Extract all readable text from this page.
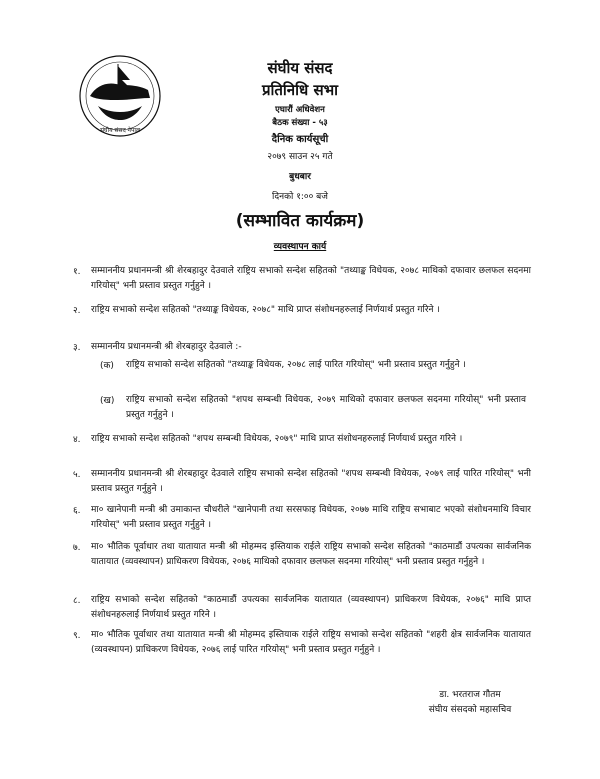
संघीय संसद नेपाल
संघीय संसद
प्रतिनिधि सभा
एघारौं अधिवेशन
बैठक संख्या - ५३
दैनिक कार्यसूची
२०७९ साउन २५ गते
बुधबार
दिनको १:०० बजे
(सम्भावित कार्यक्रम)
व्यवस्थापन कार्य
१. सम्माननीय प्रधानमन्त्री श्री शेरबहादुर देउवाले राष्ट्रिय सभाको सन्देश सहितको "तथ्याङ्क विधेयक, २०७८ माथिको दफावार छलफल सदनमा गरियोस्" भनी प्रस्ताव प्रस्तुत गर्नुहुने ।
२. राष्ट्रिय सभाको सन्देश सहितको "तथ्याङ्क विधेयक, २०७८" माथि प्राप्त संशोधनहरुलाई निर्णयार्थ प्रस्तुत गरिने ।
३. सम्माननीय प्रधानमन्त्री श्री शेरबहादुर देउवाले :-
(क) राष्ट्रिय सभाको सन्देश सहितको "तथ्याङ्क विधेयक, २०७८ लाई पारित गरियोस्" भनी प्रस्ताव प्रस्तुत गर्नुहुने ।
(ख) राष्ट्रिय सभाको सन्देश सहितको "शपथ सम्बन्धी विधेयक, २०७९ माथिको दफावार छलफल सदनमा गरियोस्" भनी प्रस्ताव प्रस्तुत गर्नुहुने ।
४. राष्ट्रिय सभाको सन्देश सहितको "शपथ सम्बन्धी विधेयक, २०७९" माथि प्राप्त संशोधनहरुलाई निर्णयार्थ प्रस्तुत गरिने ।
५. सम्माननीय प्रधानमन्त्री श्री शेरबहादुर देउवाले राष्ट्रिय सभाको सन्देश सहितको "शपथ सम्बन्धी विधेयक, २०७९ लाई पारित गरियोस्" भनी प्रस्ताव प्रस्तुत गर्नुहुने ।
६. मा० खानेपानी मन्त्री श्री उमाकान्त चौधरीले "खानेपानी तथा सरसफाइ विधेयक, २०७७ माथि राष्ट्रिय सभाबाट भएको संशोधनमाथि विचार गरियोस्" भनी प्रस्ताव प्रस्तुत गर्नुहुने ।
७. मा० भौतिक पूर्वाधार तथा यातायात मन्त्री श्री मोहम्मद इस्तियाक राईले राष्ट्रिय सभाको सन्देश सहितको "काठमाडौं उपत्यका सार्वजनिक यातायात (व्यवस्थापन) प्राधिकरण विधेयक, २०७६ माथिको दफावार छलफल सदनमा गरियोस्" भनी प्रस्ताव प्रस्तुत गर्नुहुने ।
८. राष्ट्रिय सभाको सन्देश सहितको "काठमाडौं उपत्यका सार्वजनिक यातायात (व्यवस्थापन) प्राधिकरण विधेयक, २०७६" माथि प्राप्त संशोधनहरुलाई निर्णयार्थ प्रस्तुत गरिने ।
९. मा० भौतिक पूर्वाधार तथा यातायात मन्त्री श्री मोहम्मद इस्तियाक राईले राष्ट्रिय सभाको सन्देश सहितको "शहरी क्षेत्र सार्वजनिक यातायात (व्यवस्थापन) प्राधिकरण विधेयक, २०७६ लाई पारित गरियोस्" भनी प्रस्ताव प्रस्तुत गर्नुहुने ।
डा. भरतराज गौतम
संघीय संसदको महासचिव
